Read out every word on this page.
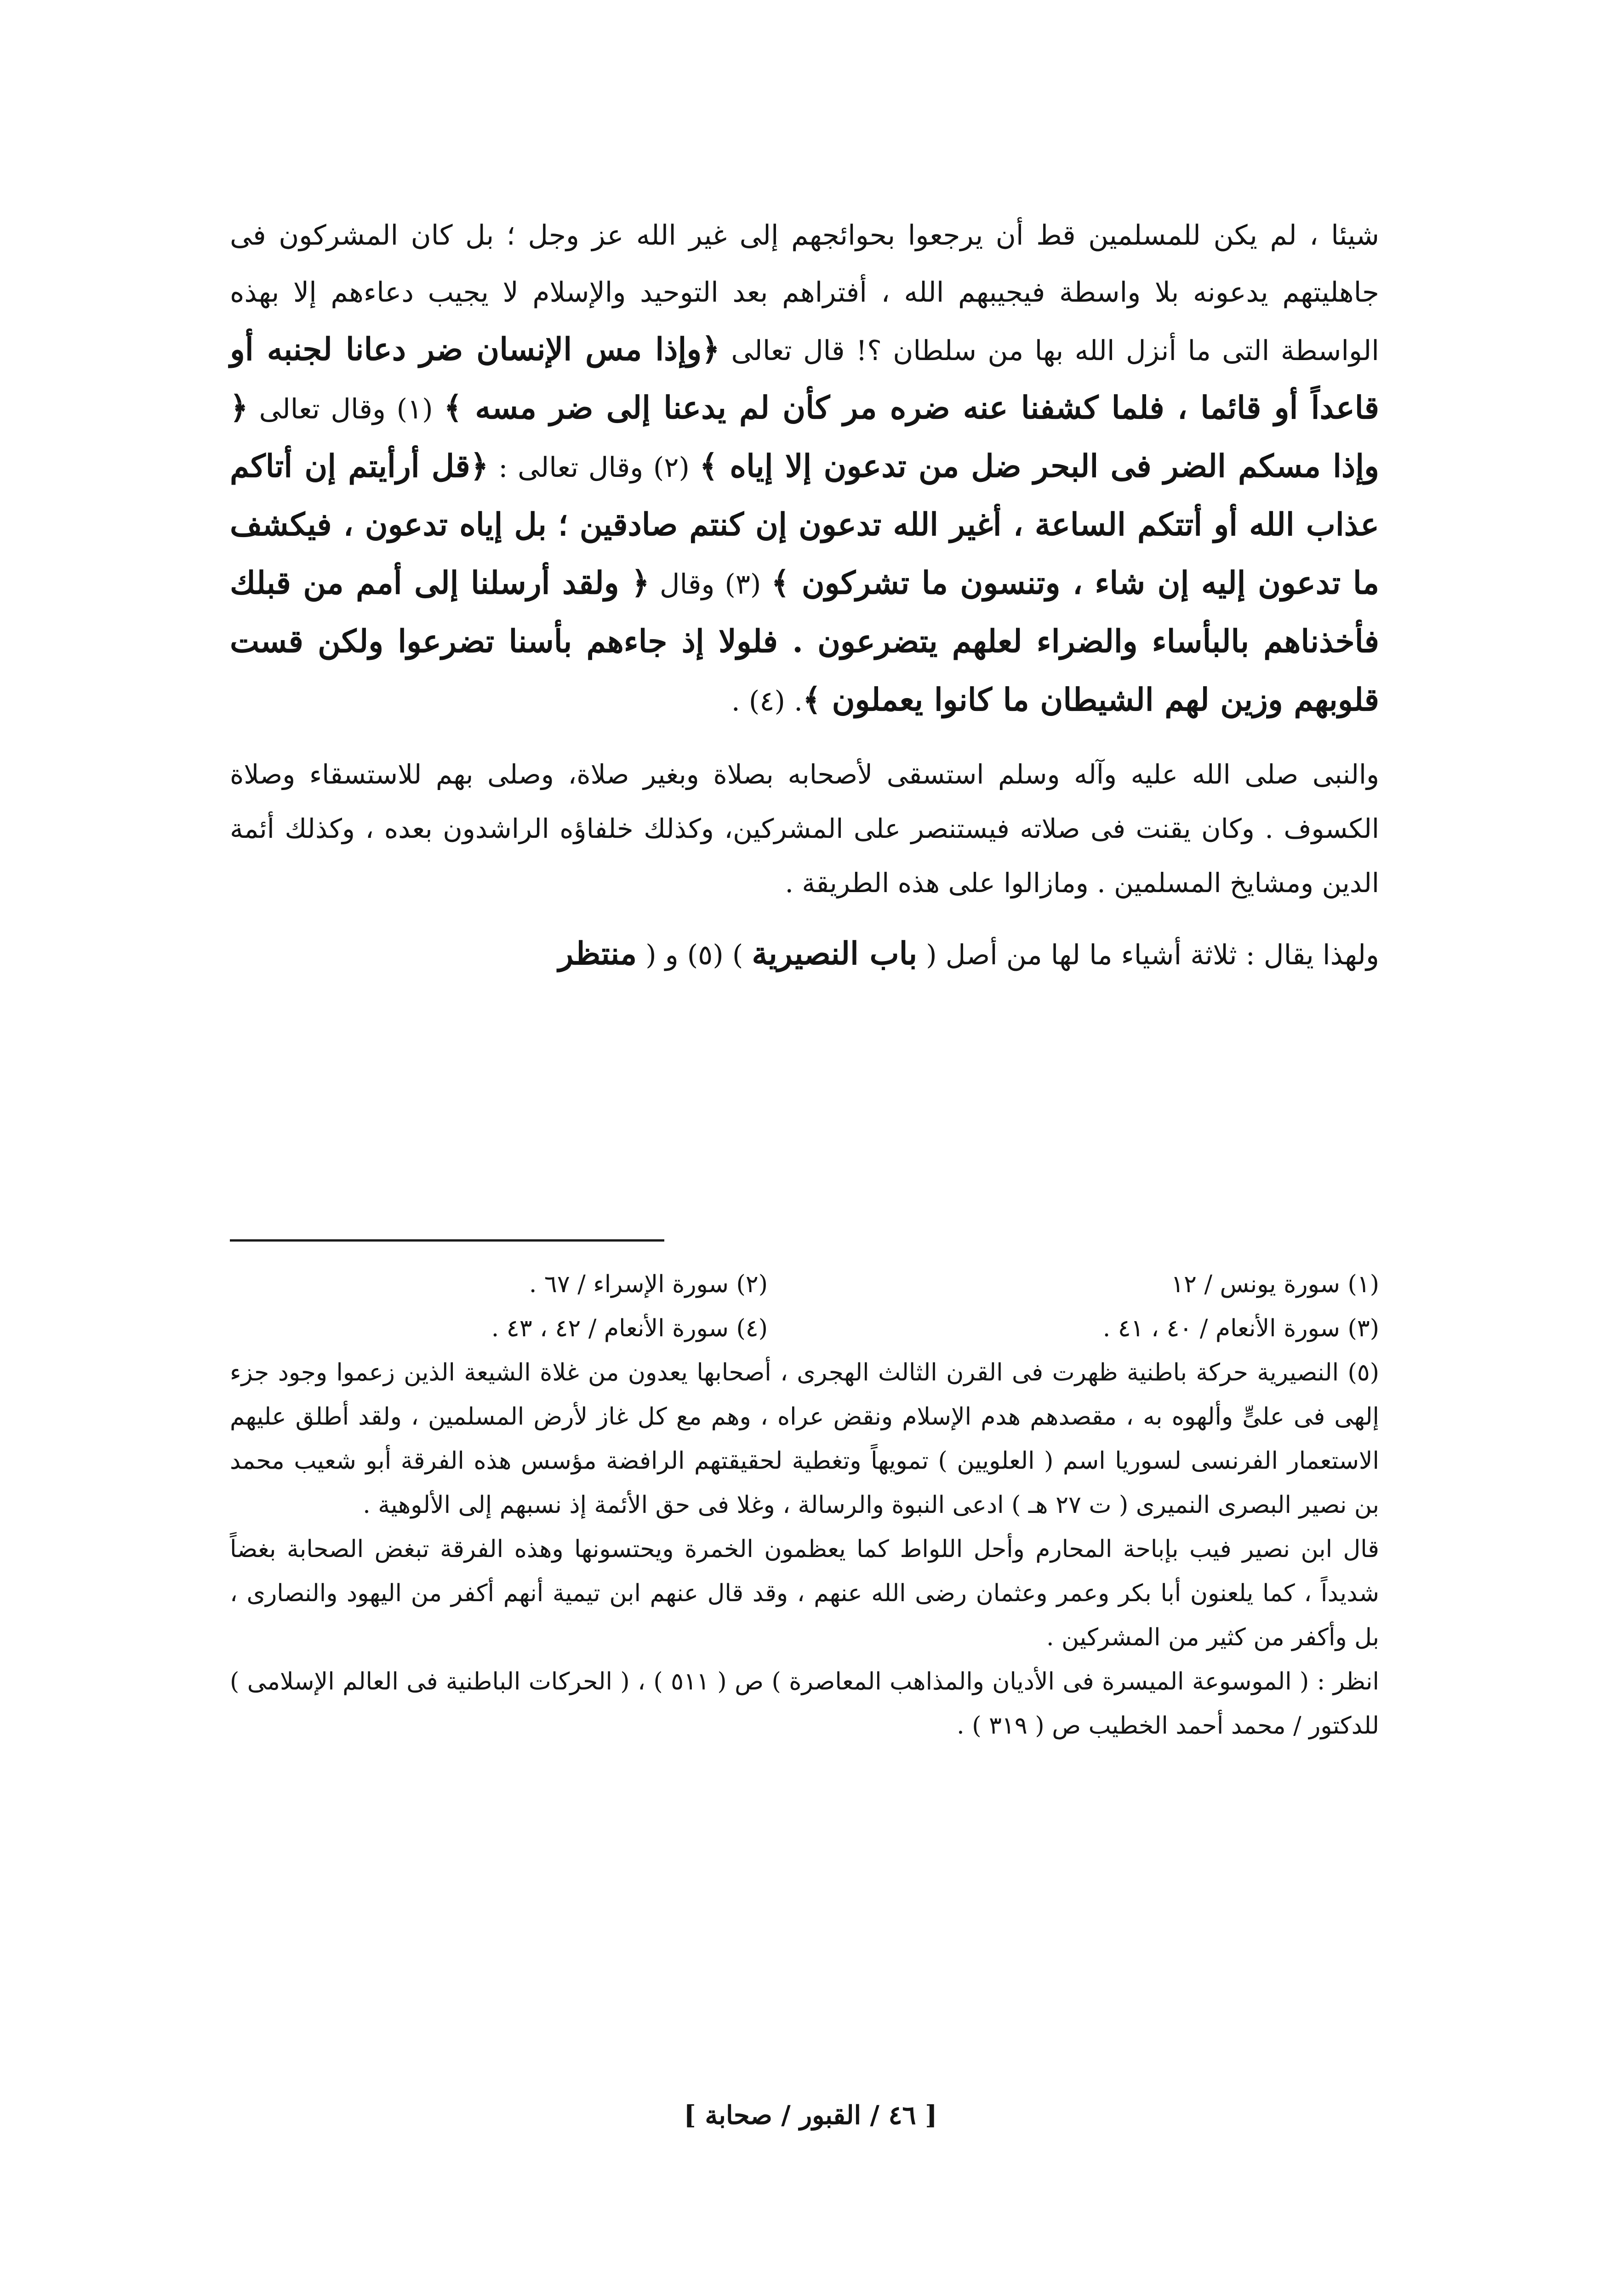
شيئا ، لم يكن للمسلمين قط أن يرجعوا بحوائجهم إلى غير الله عز وجل ؛ بل كان المشركون فى جاهليتهم يدعونه بلا واسطة فيجيبهم الله ، أفتراهم بعد التوحيد والإسلام لا يجيب دعاءهم إلا بهذه الواسطة التى ما أنزل الله بها من سلطان ؟! قال تعالى ﴿وإذا مس الإنسان ضر دعانا لجنبه أو قاعداً أو قائما ، فلما كشفنا عنه ضره مر كأن لم يدعنا إلى ضر مسه ﴾ (١) وقال تعالى ﴿ وإذا مسكم الضر فى البحر ضل من تدعون إلا إياه ﴾ (٢) وقال تعالى : ﴿قل أرأيتم إن أتاكم عذاب الله أو أتتكم الساعة ، أغير الله تدعون إن كنتم صادقين ؛ بل إياه تدعون ، فيكشف ما تدعون إليه إن شاء ، وتنسون ما تشركون ﴾ (٣) وقال ﴿ ولقد أرسلنا إلى أمم من قبلك فأخذناهم بالبأساء والضراء لعلهم يتضرعون . فلولا إذ جاءهم بأسنا تضرعوا ولكن قست قلوبهم وزين لهم الشيطان ما كانوا يعملون ﴾. (٤) .

والنبى صلى الله عليه وآله وسلم استسقى لأصحابه بصلاة وبغير صلاة، وصلى بهم للاستسقاء وصلاة الكسوف . وكان يقنت فى صلاته فيستنصر على المشركين، وكذلك خلفاؤه الراشدون بعده ، وكذلك أئمة الدين ومشايخ المسلمين . ومازالوا على هذه الطريقة .

ولهذا يقال : ثلاثة أشياء ما لها من أصل ( باب النصيرية ) (٥) و ( منتظر

(١) سورة يونس / ١٢
(٢) سورة الإسراء / ٦٧ .
(٣) سورة الأنعام / ٤٠ ، ٤١ .
(٤) سورة الأنعام / ٤٢ ، ٤٣ .

(٥) النصيرية حركة باطنية ظهرت فى القرن الثالث الهجرى ، أصحابها يعدون من غلاة الشيعة الذين زعموا وجود جزء إلهى فى علىٍّ وألهوه به ، مقصدهم هدم الإسلام ونقض عراه ، وهم مع كل غاز لأرض المسلمين ، ولقد أطلق عليهم الاستعمار الفرنسى لسوريا اسم ( العلويين ) تمويهاً وتغطية لحقيقتهم الرافضة مؤسس هذه الفرقة أبو شعيب محمد بن نصير البصرى النميرى ( ت ٢٧ هـ ) ادعى النبوة والرسالة ، وغلا فى حق الأئمة إذ نسبهم إلى الألوهية .

قال ابن نصير فيب بإباحة المحارم وأحل اللواط كما يعظمون الخمرة ويحتسونها وهذه الفرقة تبغض الصحابة بغضاً شديداً ، كما يلعنون أبا بكر وعمر وعثمان رضى الله عنهم ، وقد قال عنهم ابن تيمية أنهم أكفر من اليهود والنصارى ، بل وأكفر من كثير من المشركين .

انظر : ( الموسوعة الميسرة فى الأديان والمذاهب المعاصرة ) ص ( ٥١١ ) ، ( الحركات الباطنية فى العالم الإسلامى ) للدكتور / محمد أحمد الخطيب ص ( ٣١٩ ) .

[ ٤٦ / القبور / صحابة ]
